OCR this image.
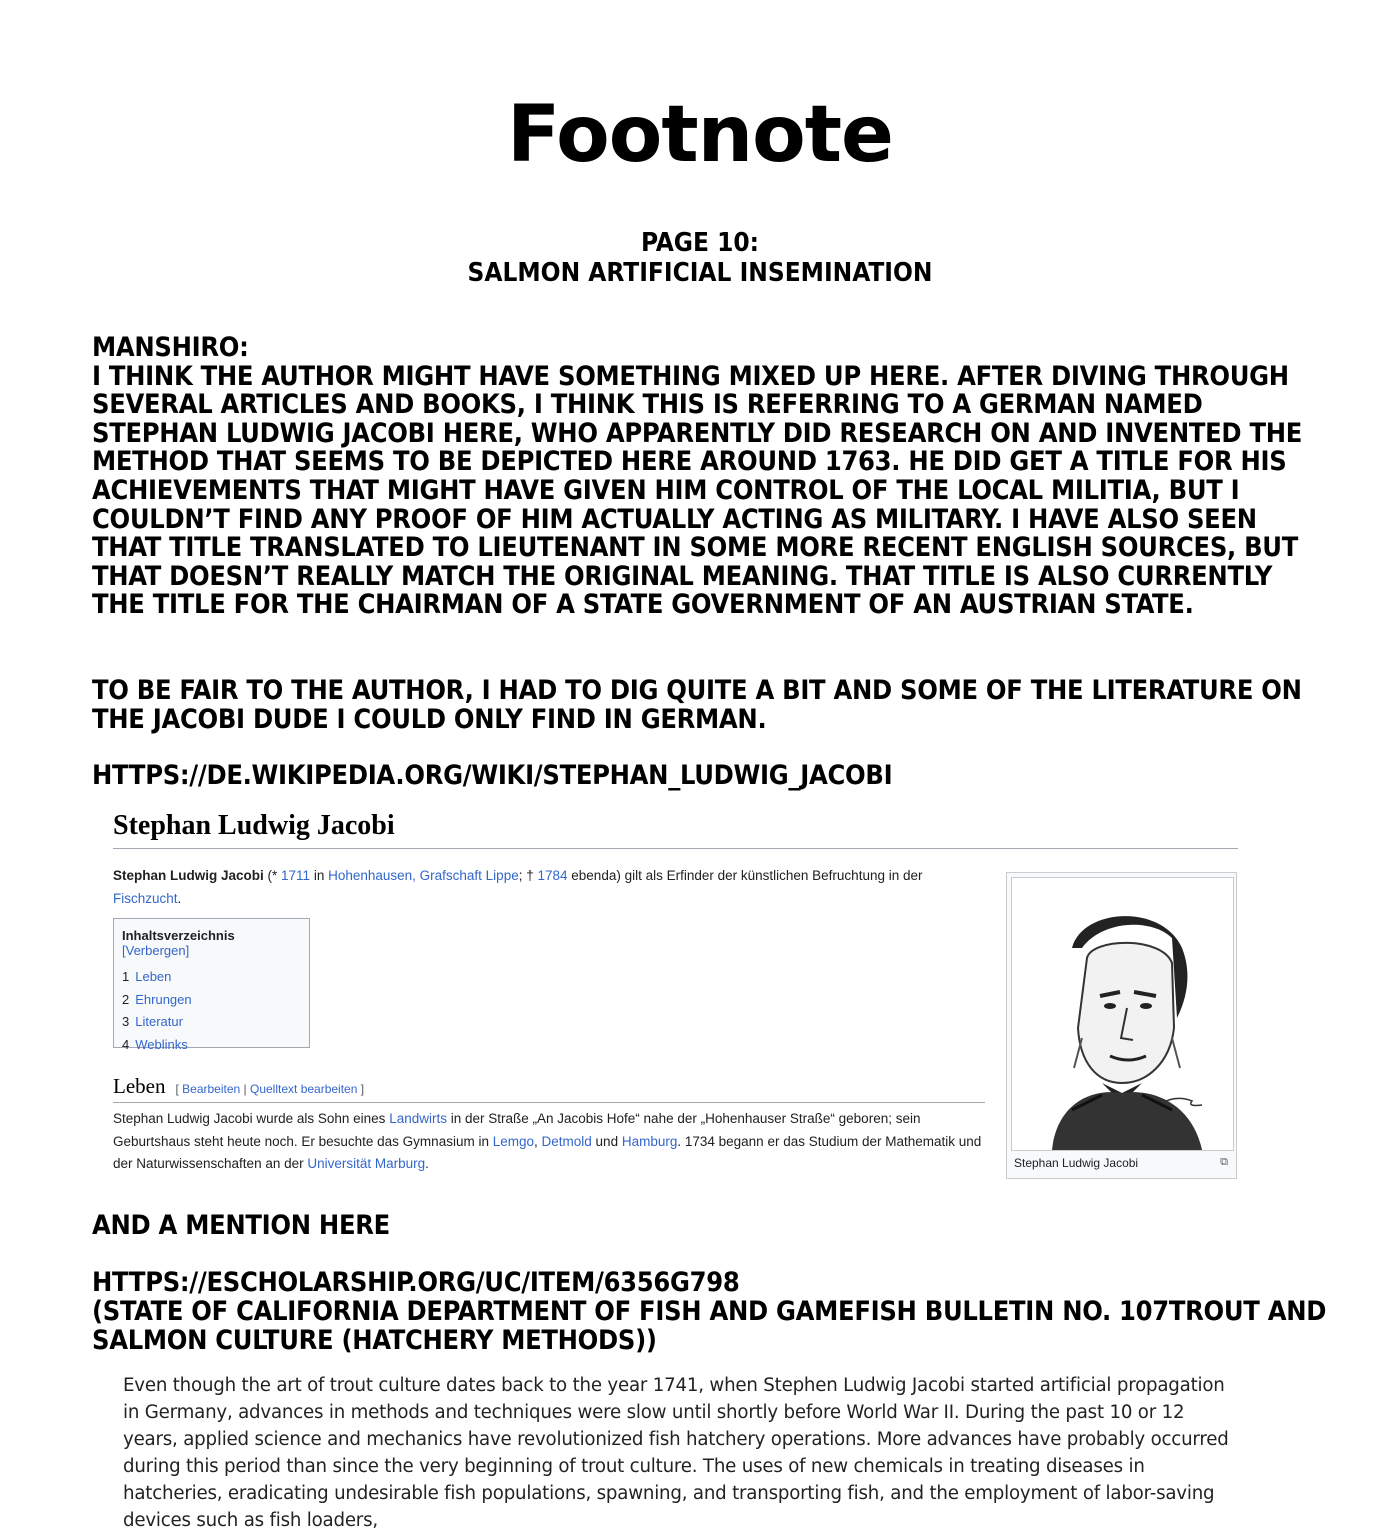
Footnote
PAGE 10:
SALMON ARTIFICIAL INSEMINATION

MANSHIRO:

I THINK THE AUTHOR MIGHT HAVE SOMETHING MIXED UP HERE. AFTER DIVING THROUGH SEVERAL ARTICLES AND BOOKS, I THINK THIS IS REFERRING TO A GERMAN NAMED STEPHAN LUDWIG JACOBI HERE, WHO APPARENTLY DID RESEARCH ON AND INVENTED THE METHOD THAT SEEMS TO BE DEPICTED HERE AROUND 1763. HE DID GET A TITLE FOR HIS ACHIEVEMENTS THAT MIGHT HAVE GIVEN HIM CONTROL OF THE LOCAL MILITIA, BUT I COULDN’T FIND ANY PROOF OF HIM ACTUALLY ACTING AS MILITARY. I HAVE ALSO SEEN THAT TITLE TRANSLATED TO LIEUTENANT IN SOME MORE RECENT ENGLISH SOURCES, BUT THAT DOESN’T REALLY MATCH THE ORIGINAL MEANING. THAT TITLE IS ALSO CURRENTLY THE TITLE FOR THE CHAIRMAN OF A STATE GOVERNMENT OF AN AUSTRIAN STATE.

TO BE FAIR TO THE AUTHOR, I HAD TO DIG QUITE A BIT AND SOME OF THE LITERATURE ON THE JACOBI DUDE I COULD ONLY FIND IN GERMAN.
HTTPS://DE.WIKIPEDIA.ORG/WIKI/STEPHAN_LUDWIG_JACOBI
Stephan Ludwig Jacobi
Stephan Ludwig Jacobi (* 1711 in Hohenhausen, Grafschaft Lippe; † 1784 ebenda) gilt als Erfinder der künstlichen Befruchtung in der Fischzucht.
Inhaltsverzeichnis [Verbergen]
1 Leben
2 Ehrungen
3 Literatur
4 Weblinks
Leben [ Bearbeiten | Quelltext bearbeiten ]
Stephan Ludwig Jacobi wurde als Sohn eines Landwirts in der Straße „An Jacobis Hofe“ nahe der „Hohenhauser Straße“ geboren; sein Geburtshaus steht heute noch. Er besuchte das Gymnasium in Lemgo, Detmold und Hamburg. 1734 begann er das Studium der Mathematik und der Naturwissenschaften an der Universität Marburg.	Stephan Ludwig Jacobi	⧉
AND A MENTION HERE
HTTPS://ESCHOLARSHIP.ORG/UC/ITEM/6356G798
(STATE OF CALIFORNIA DEPARTMENT OF FISH AND GAMEFISH BULLETIN NO. 107TROUT AND SALMON CULTURE (HATCHERY METHODS))
Even though the art of trout culture dates back to the year 1741, when Stephen Ludwig Jacobi started artificial propagation in Germany, advances in methods and techniques were slow until shortly before World War II. During the past 10 or 12 years, applied science and mechanics have revolutionized fish hatchery operations. More advances have probably occurred during this period than since the very beginning of trout culture. The uses of new chemicals in treating diseases in hatcheries, eradicating undesirable fish populations, spawning, and transporting fish, and the employment of labor-saving devices such as fish loaders,
